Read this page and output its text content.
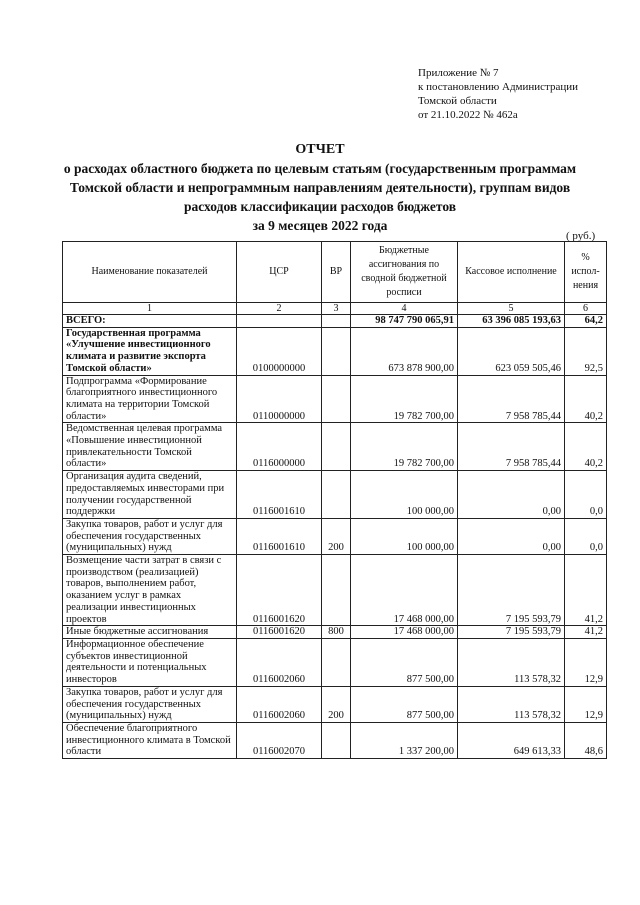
Приложение № 7
к постановлению Администрации
Томской области
от 21.10.2022 № 462а
ОТЧЕТ
о расходах областного бюджета по целевым статьям (государственным программам
Томской области и непрограммным направлениям деятельности), группам видов
расходов классификации расходов бюджетов
за 9 месяцев 2022 года
( руб.)
Наименование показателей	ЦСР	ВР	Бюджетные ассигнования по сводной бюджетной росписи	Кассовое исполнение	% испол-нения
1	2	3	4	5	6
ВСЕГО:			98 747 790 065,91	63 396 085 193,63	64,2
Государственная программа «Улучшение инвестиционного климата и развитие экспорта Томской области»	0100000000		673 878 900,00	623 059 505,46	92,5
Подпрограмма «Формирование благоприятного инвестиционного климата на территории Томской области»	0110000000		19 782 700,00	7 958 785,44	40,2
Ведомственная целевая программа «Повышение инвестиционной привлекательности Томской области»	0116000000		19 782 700,00	7 958 785,44	40,2
Организация аудита сведений, предоставляемых инвесторами при получении государственной поддержки	0116001610		100 000,00	0,00	0,0
Закупка товаров, работ и услуг для обеспечения государственных (муниципальных) нужд	0116001610	200	100 000,00	0,00	0,0
Возмещение части затрат в связи с производством (реализацией) товаров, выполнением работ, оказанием услуг в рамках реализации инвестиционных проектов	0116001620		17 468 000,00	7 195 593,79	41,2
Иные бюджетные ассигнования	0116001620	800	17 468 000,00	7 195 593,79	41,2
Информационное обеспечение субъектов инвестиционной деятельности и потенциальных инвесторов	0116002060		877 500,00	113 578,32	12,9
Закупка товаров, работ и услуг для обеспечения государственных (муниципальных) нужд	0116002060	200	877 500,00	113 578,32	12,9
Обеспечение благоприятного инвестиционного климата в Томской области	0116002070		1 337 200,00	649 613,33	48,6
